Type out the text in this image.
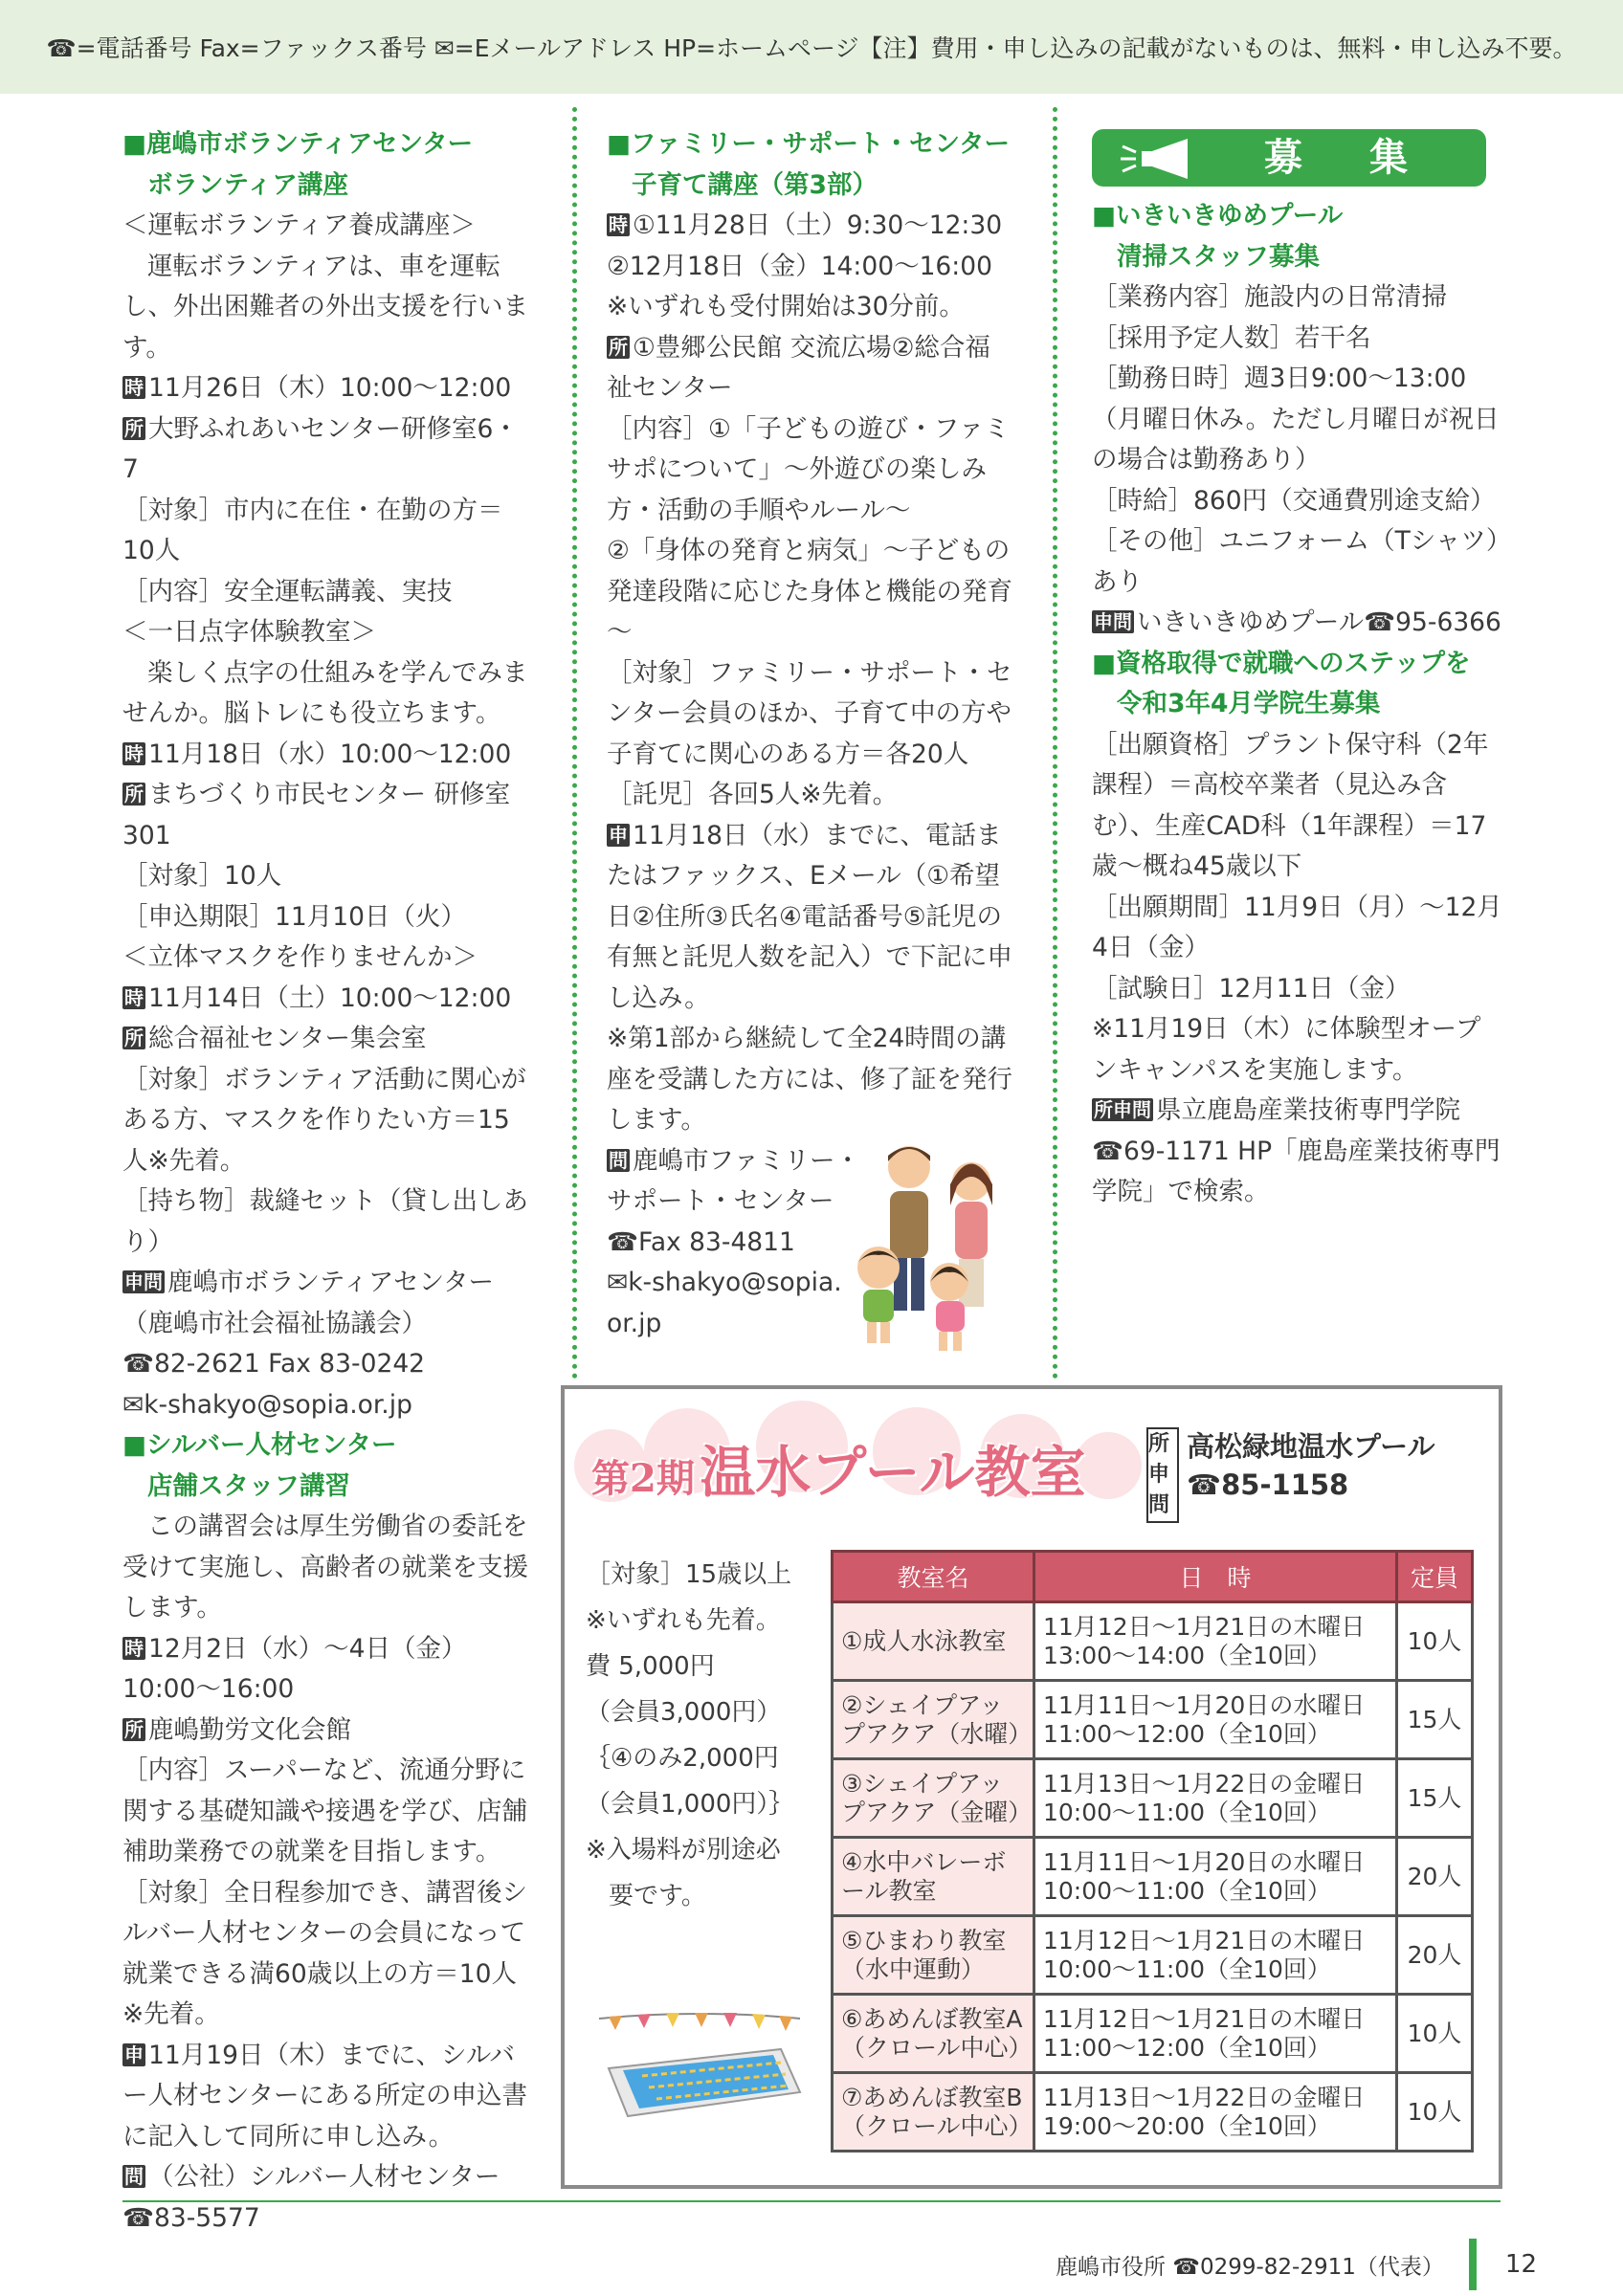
☎=電話番号 Fax=ファックス番号 ✉=Eメールアドレス HP=ホームページ【注】費用・申し込みの記載がないものは、無料・申し込み不要。
■鹿嶋市ボランティアセンター
ボランティア講座
＜運転ボランティア養成講座＞
運転ボランティアは、車を運転し、外出困難者の外出支援を行います。
時 11月26日（木）10:00～12:00
所 大野ふれあいセンター研修室6・7
［対象］市内に在住・在勤の方＝10人
［内容］安全運転講義、実技
＜一日点字体験教室＞
楽しく点字の仕組みを学んでみませんか。脳トレにも役立ちます。
時 11月18日（水）10:00～12:00
所 まちづくり市民センター 研修室301
［対象］10人
［申込期限］11月10日（火）
＜立体マスクを作りませんか＞
時 11月14日（土）10:00～12:00
所 総合福祉センター集会室
［対象］ボランティア活動に関心がある方、マスクを作りたい方＝15人※先着。
［持ち物］裁縫セット（貸し出しあり）
申問 鹿嶋市ボランティアセンター（鹿嶋市社会福祉協議会）
☎82-2621 Fax 83-0242
✉k-shakyo@sopia.or.jp
■シルバー人材センター
店舗スタッフ講習
この講習会は厚生労働省の委託を受けて実施し、高齢者の就業を支援します。
時 12月2日（水）～4日（金）10:00～16:00
所 鹿嶋勤労文化会館
［内容］スーパーなど、流通分野に関する基礎知識や接遇を学び、店舗補助業務での就業を目指します。
［対象］全日程参加でき、講習後シルバー人材センターの会員になって就業できる満60歳以上の方＝10人※先着。
申 11月19日（木）までに、シルバー人材センターにある所定の申込書に記入して同所に申し込み。
問 （公社）シルバー人材センター
☎83-5577
■ファミリー・サポート・センター
子育て講座（第3部）
時 ①11月28日（土）9:30～12:30 ②12月18日（金）14:00～16:00 ※いずれも受付開始は30分前。
所 ①豊郷公民館 交流広場②総合福祉センター
［内容］①「子どもの遊び・ファミサポについて」～外遊びの楽しみ方・活動の手順やルール～
②「身体の発育と病気」～子どもの発達段階に応じた身体と機能の発育～
［対象］ファミリー・サポート・センター会員のほか、子育て中の方や子育てに関心のある方＝各20人
［託児］各回5人※先着。
申 11月18日（水）までに、電話またはファックス、Eメール（①希望日②住所③氏名④電話番号⑤託児の有無と託児人数を記入）で下記に申し込み。
※第1部から継続して全24時間の講座を受講した方には、修了証を発行します。
問 鹿嶋市ファミリー・
サポート・センター
☎Fax 83-4811
✉k-shakyo@sopia.
or.jp
募集
■いきいきゆめプール
清掃スタッフ募集
［業務内容］施設内の日常清掃
［採用予定人数］若干名
［勤務日時］週3日9:00～13:00（月曜日休み。ただし月曜日が祝日の場合は勤務あり）
［時給］860円（交通費別途支給）
［その他］ユニフォーム（Tシャツ）あり
申問 いきいきゆめプール☎95-6366
■資格取得で就職へのステップを
令和3年4月学院生募集
［出願資格］プラント保守科（2年課程）＝高校卒業者（見込み含む）、生産CAD科（1年課程）＝17歳～概ね45歳以下
［出願期間］11月9日（月）～12月4日（金）
［試験日］12月11日（金）
※11月19日（木）に体験型オープンキャンパスを実施します。
所申問 県立鹿島産業技術専門学院
☎69-1171 HP「鹿島産業技術専門学院」で検索。
第2期 温水プール教室	所申問
高松緑地温水プール
☎85-1158
［対象］15歳以上
※いずれも先着。
費 5,000円
（会員3,000円）
｛④のみ2,000円
（会員1,000円）｝
※入場料が別途必
要です。
教室名	日　時	定員
①成人水泳教室	11月12日～1月21日の木曜日 13:00～14:00（全10回）	10人
②シェイプアップアクア（水曜）	11月11日～1月20日の水曜日 11:00～12:00（全10回）	15人
③シェイプアップアクア（金曜）	11月13日～1月22日の金曜日 10:00～11:00（全10回）	15人
④水中バレーボール教室	11月11日～1月20日の水曜日 10:00～11:00（全10回）	20人
⑤ひまわり教室（水中運動）	11月12日～1月21日の木曜日 10:00～11:00（全10回）	20人
⑥あめんぼ教室A（クロール中心）	11月12日～1月21日の木曜日 11:00～12:00（全10回）	10人
⑦あめんぼ教室B（クロール中心）	11月13日～1月22日の金曜日 19:00～20:00（全10回）	10人
鹿嶋市役所 ☎0299-82-2911（代表） 12
